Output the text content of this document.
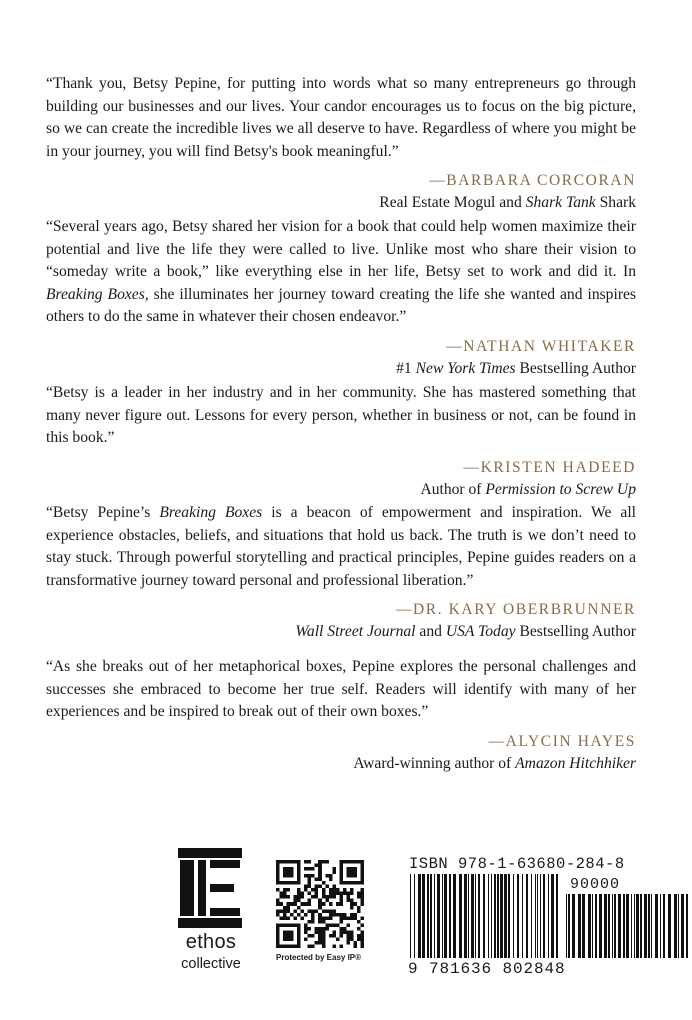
“Thank you, Betsy Pepine, for putting into words what so many entrepreneurs go through building our businesses and our lives. Your candor encourages us to focus on the big picture, so we can create the incredible lives we all deserve to have. Regardless of where you might be in your journey, you will find Betsy's book meaningful.”

—BARBARA CORCORAN
Real Estate Mogul and Shark Tank Shark

“Several years ago, Betsy shared her vision for a book that could help women maximize their potential and live the life they were called to live. Unlike most who share their vision to “someday write a book,” like everything else in her life, Betsy set to work and did it. In Breaking Boxes, she illuminates her journey toward creating the life she wanted and inspires others to do the same in whatever their chosen endeavor.”

—NATHAN WHITAKER
#1 New York Times Bestselling Author

“Betsy is a leader in her industry and in her community. She has mastered something that many never figure out. Lessons for every person, whether in business or not, can be found in this book.”

—KRISTEN HADEED
Author of Permission to Screw Up

“Betsy Pepine’s Breaking Boxes is a beacon of empowerment and inspiration. We all experience obstacles, beliefs, and situations that hold us back. The truth is we don’t need to stay stuck. Through powerful storytelling and practical principles, Pepine guides readers on a transformative journey toward personal and professional liberation.”

—DR. KARY OBERBRUNNER
Wall Street Journal and USA Today Bestselling Author

“As she breaks out of her metaphorical boxes, Pepine explores the personal challenges and successes she embraced to become her true self. Readers will identify with many of her experiences and be inspired to break out of their own boxes.”

—ALYCIN HAYES
Award-winning author of Amazon Hitchhiker
ethos
collective	Protected by Easy IP®
ISBN 978-1-63680-284-8
90000
9 781636 802848
